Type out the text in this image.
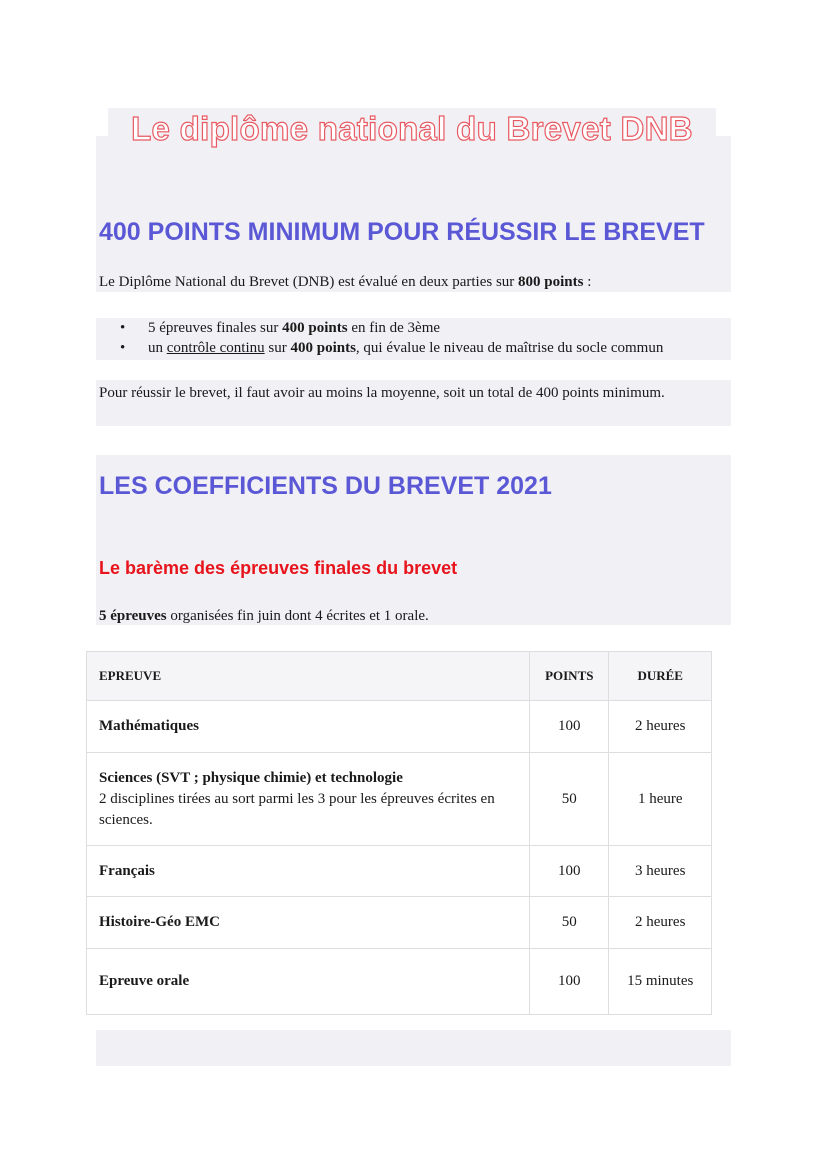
Le diplôme national du Brevet DNB
400 POINTS MINIMUM POUR RÉUSSIR LE BREVET

Le Diplôme National du Brevet (DNB) est évalué en deux parties sur 800 points :

• 5 épreuves finales sur 400 points en fin de 3ème
• un contrôle continu sur 400 points, qui évalue le niveau de maîtrise du socle commun

Pour réussir le brevet, il faut avoir au moins la moyenne, soit un total de 400 points minimum.

LES COEFFICIENTS DU BREVET 2021
Le barème des épreuves finales du brevet

5 épreuves organisées fin juin dont 4 écrites et 1 orale.

EPREUVE	POINTS	DURÉE

Mathématiques	100	2 heures

Sciences (SVT ; physique chimie) et technologie
2 disciplines tirées au sort parmi les 3 pour les épreuves écrites en sciences.	50	1 heure

Français	100	3 heures

Histoire-Géo EMC	50	2 heures

Epreuve orale	100	15 minutes
